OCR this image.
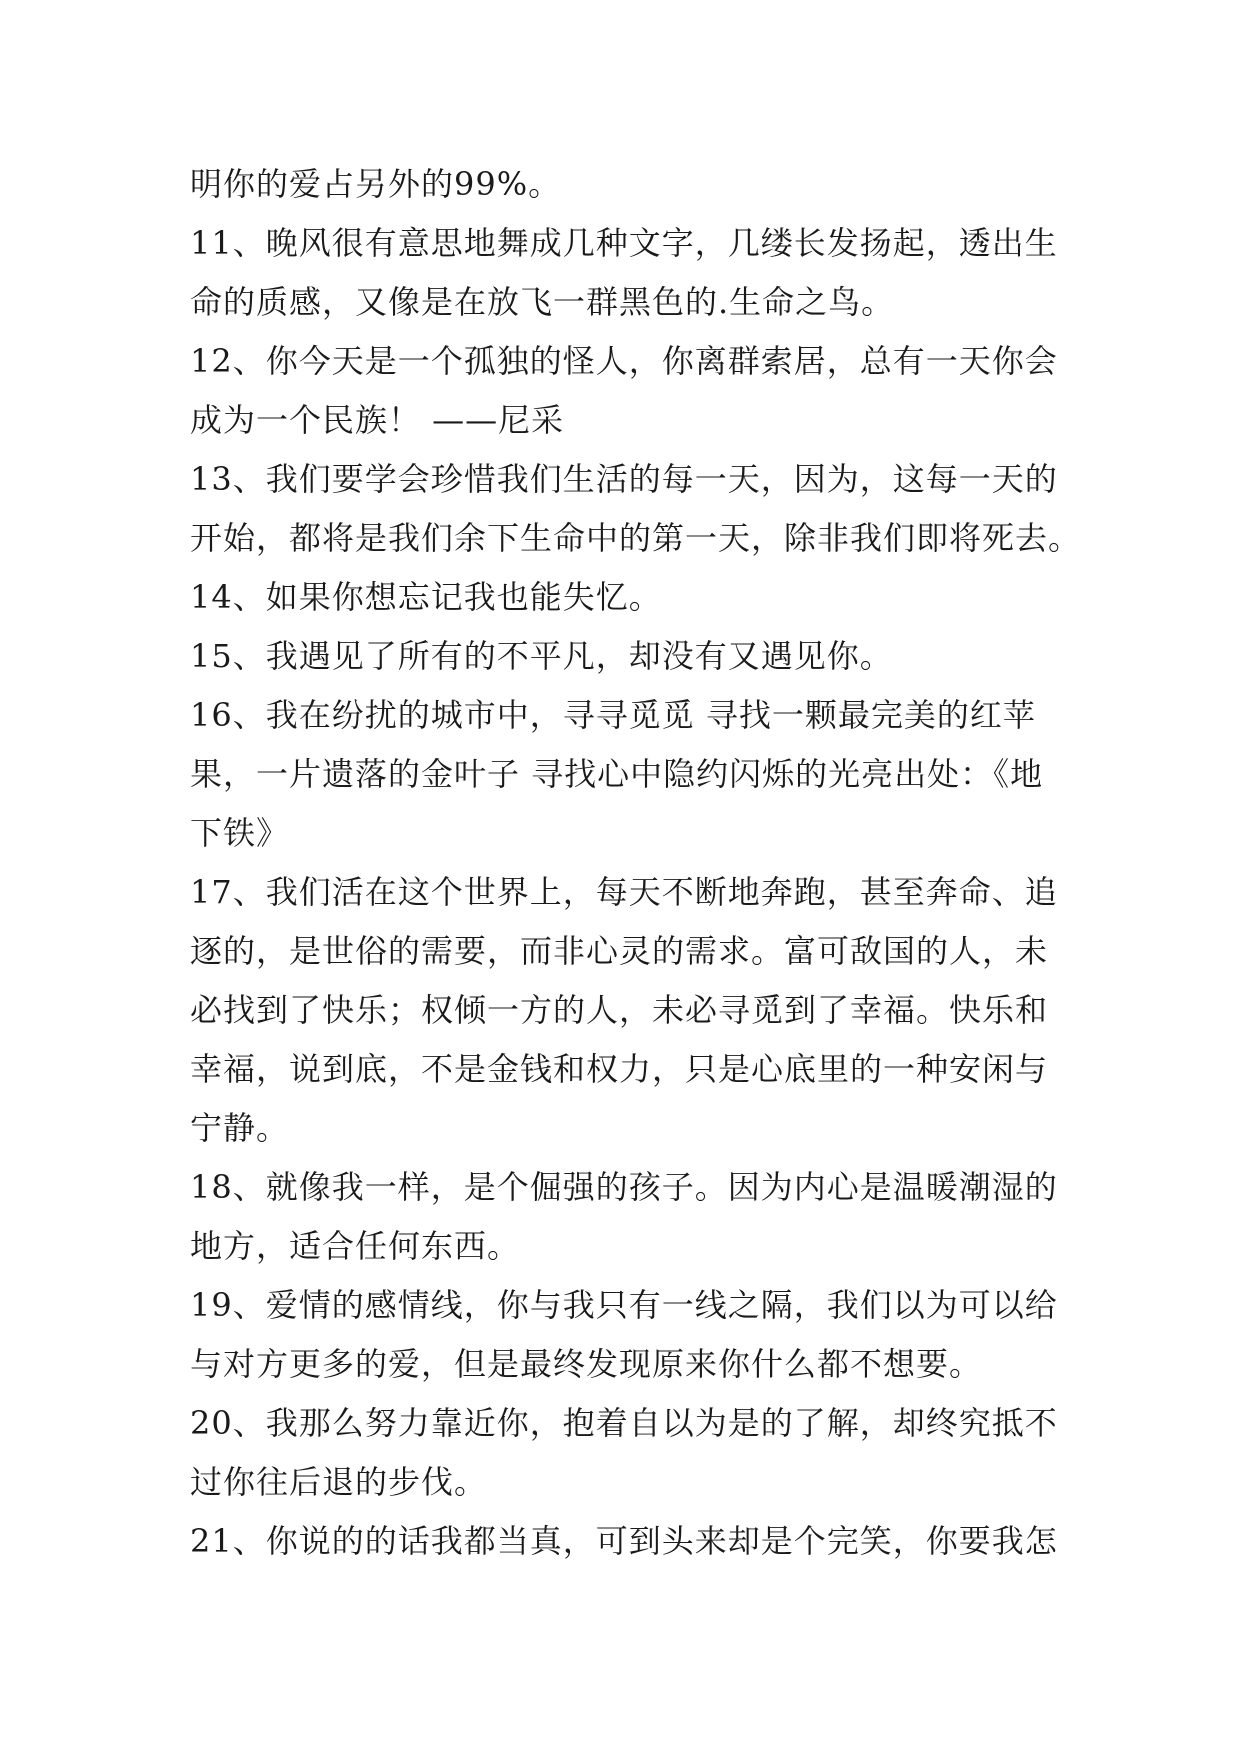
明你的爱占另外的99%。
11、晚风很有意思地舞成几种文字，几缕长发扬起，透出生
命的质感，又像是在放飞一群黑色的.生命之鸟。
12、你今天是一个孤独的怪人，你离群索居，总有一天你会
成为一个民族！ ——尼采
13、我们要学会珍惜我们生活的每一天，因为，这每一天的
开始，都将是我们余下生命中的第一天，除非我们即将死去。
14、如果你想忘记我也能失忆。
15、我遇见了所有的不平凡，却没有又遇见你。
16、我在纷扰的城市中，寻寻觅觅 寻找一颗最完美的红苹
果，一片遗落的金叶子 寻找心中隐约闪烁的光亮出处：《地
下铁》
17、我们活在这个世界上，每天不断地奔跑，甚至奔命、追
逐的，是世俗的需要，而非心灵的需求。富可敌国的人，未
必找到了快乐；权倾一方的人，未必寻觅到了幸福。快乐和
幸福，说到底，不是金钱和权力，只是心底里的一种安闲与
宁静。
18、就像我一样，是个倔强的孩子。因为内心是温暖潮湿的
地方，适合任何东西。
19、爱情的感情线，你与我只有一线之隔，我们以为可以给
与对方更多的爱，但是最终发现原来你什么都不想要。
20、我那么努力靠近你，抱着自以为是的了解，却终究抵不
过你往后退的步伐。
21、你说的的话我都当真，可到头来却是个完笑，你要我怎
